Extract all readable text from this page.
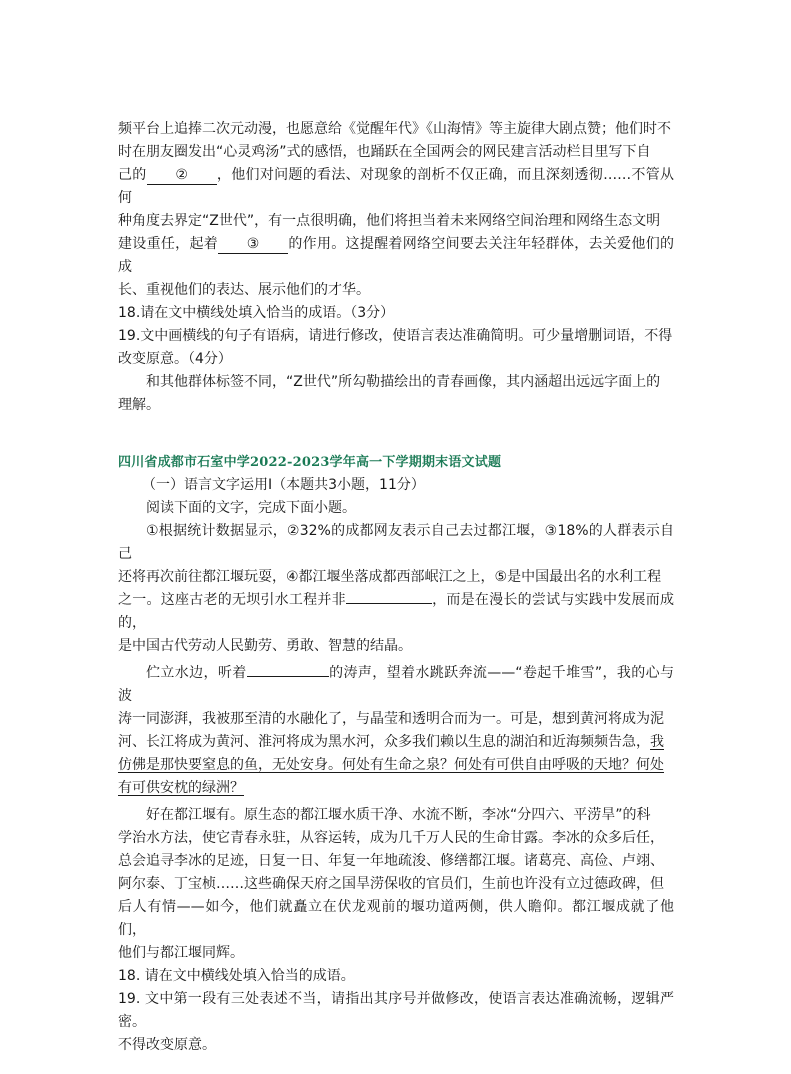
频平台上追捧二次元动漫，也愿意给《觉醒年代》《山海情》等主旋律大剧点赞；他们时不

时在朋友圈发出“心灵鸡汤”式的感悟，也踊跃在全国两会的网民建言活动栏目里写下自

己的 ② ，他们对问题的看法、对现象的剖析不仅正确，而且深刻透彻……不管从何

种角度去界定“Z世代”，有一点很明确，他们将担当着未来网络空间治理和网络生态文明

建设重任，起着 ③ 的作用。这提醒着网络空间要去关注年轻群体，去关爱他们的成

长、重视他们的表达、展示他们的才华。

18.请在文中横线处填入恰当的成语。（3分）

19.文中画横线的句子有语病，请进行修改，使语言表达准确简明。可少量增删词语，不得

改变原意。（4分）

和其他群体标签不同，“Z世代”所勾勒描绘出的青春画像，其内涵超出远远字面上的

理解。

四川省成都市石室中学2022-2023学年高一下学期期末语文试题

（一）语言文字运用Ⅰ（本题共3小题，11分）

阅读下面的文字，完成下面小题。

①根据统计数据显示，②32%的成都网友表示自己去过都江堰，③18%的人群表示自己

还将再次前往都江堰玩耍，④都江堰坐落成都西部岷江之上，⑤是中国最出名的水利工程

之一。这座古老的无坝引水工程并非	，而是在漫长的尝试与实践中发展而成的，

是中国古代劳动人民勤劳、勇敢、智慧的结晶。

伫立水边，听着	的涛声，望着水跳跃奔流——“卷起千堆雪”，我的心与波

涛一同澎湃，我被那至清的水融化了，与晶莹和透明合而为一。可是，想到黄河将成为泥

河、长江将成为黄河、淮河将成为黑水河，众多我们赖以生息的湖泊和近海频频告急，我

仿佛是那快要窒息的鱼，无处安身。何处有生命之泉？何处有可供自由呼吸的天地？何处

有可供安枕的绿洲？

好在都江堰有。原生态的都江堰水质干净、水流不断，李冰“分四六、平涝旱”的科

学治水方法，使它青春永驻，从容运转，成为几千万人民的生命甘露。李冰的众多后任，

总会追寻李冰的足迹，日复一日、年复一年地疏浚、修缮都江堰。诸葛亮、高俭、卢翊、

阿尔泰、丁宝桢……这些确保天府之国旱涝保收的官员们，生前也许没有立过德政碑，但

后人有情——如今，他们就矗立在伏龙观前的堰功道两侧，供人瞻仰。都江堰成就了他们，

他们与都江堰同辉。

18. 请在文中横线处填入恰当的成语。

19. 文中第一段有三处表述不当，请指出其序号并做修改，使语言表达准确流畅，逻辑严密。

不得改变原意。
